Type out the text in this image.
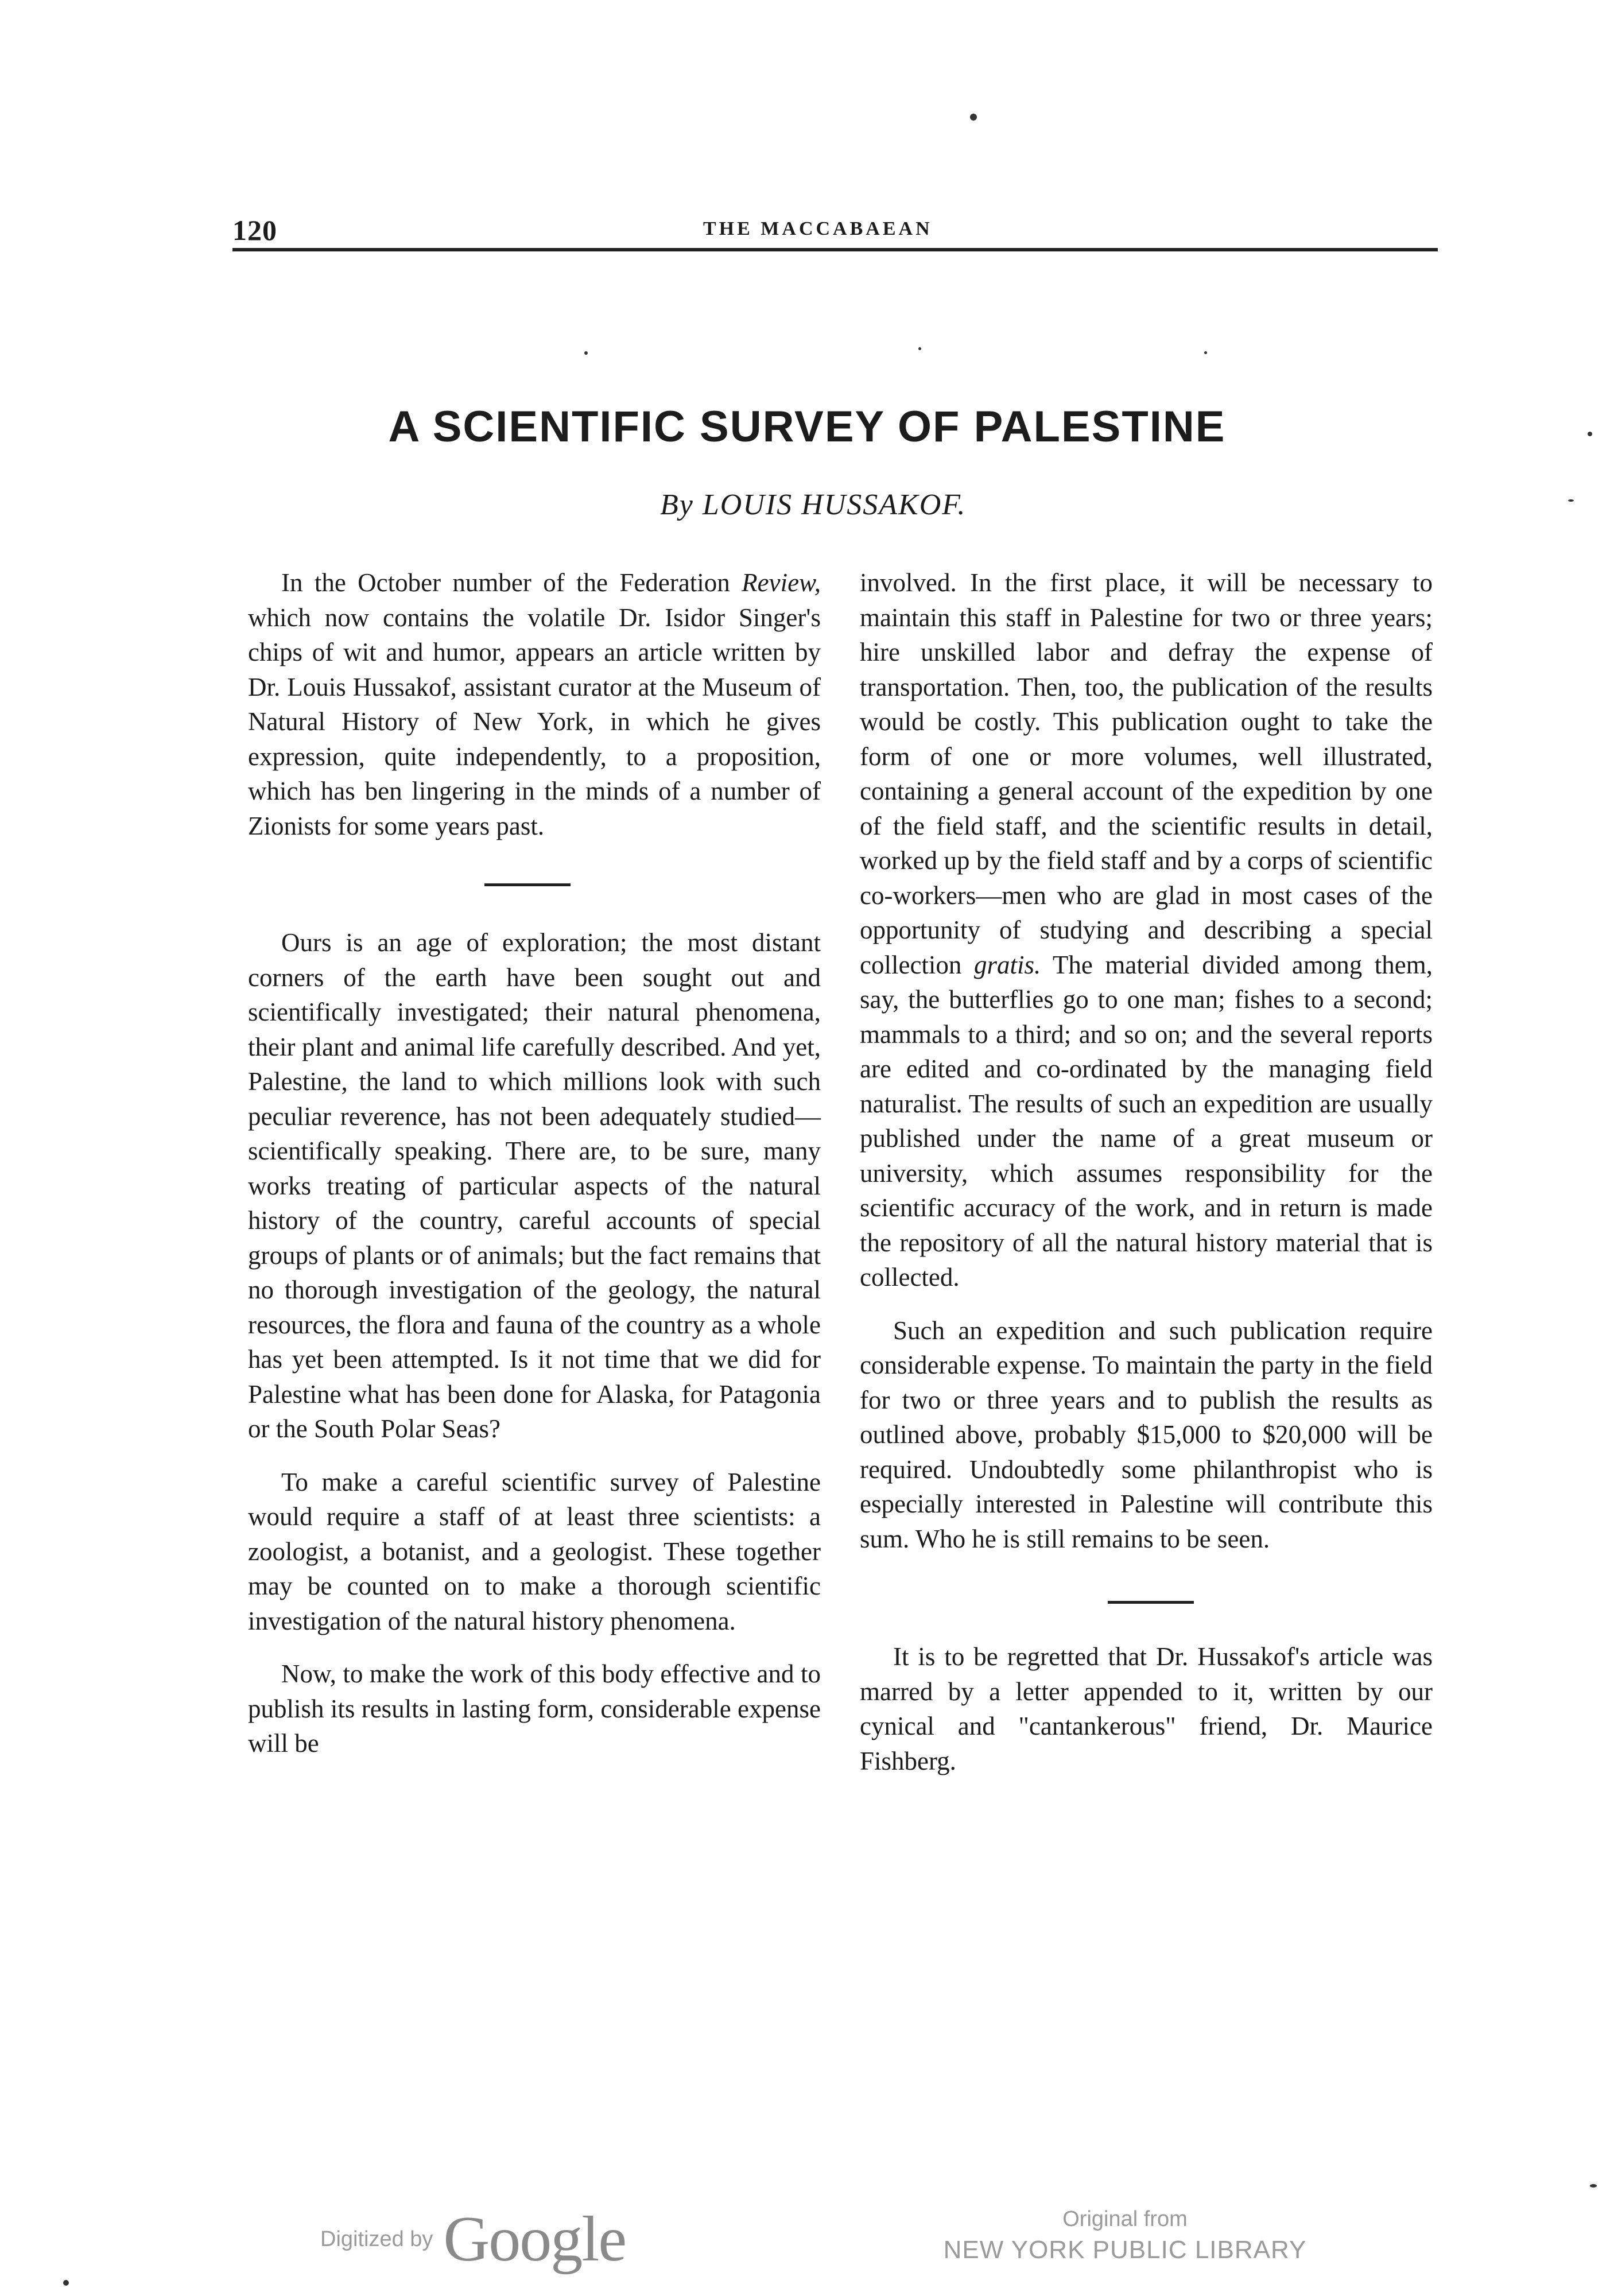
120	THE MACCABAEAN
A SCIENTIFIC SURVEY OF PALESTINE
By LOUIS HUSSAKOF.

In the October number of the Federation Review, which now contains the volatile Dr. Isidor Singer's chips of wit and humor, appears an article written by Dr. Louis Hussakof, assistant curator at the Museum of Natural History of New York, in which he gives expression, quite independently, to a proposition, which has ben lingering in the minds of a number of Zionists for some years past.

Ours is an age of exploration; the most distant corners of the earth have been sought out and scientifically investigated; their natural phenomena, their plant and animal life carefully described. And yet, Palestine, the land to which millions look with such peculiar reverence, has not been adequately studied—scientifically speaking. There are, to be sure, many works treating of particular aspects of the natural history of the country, careful accounts of special groups of plants or of animals; but the fact remains that no thorough investigation of the geology, the natural resources, the flora and fauna of the country as a whole has yet been attempted. Is it not time that we did for Palestine what has been done for Alaska, for Patagonia or the South Polar Seas?

To make a careful scientific survey of Palestine would require a staff of at least three scientists: a zoologist, a botanist, and a geologist. These together may be counted on to make a thorough scientific investigation of the natural history phenomena.

Now, to make the work of this body effective and to publish its results in lasting form, considerable expense will be

involved. In the first place, it will be necessary to maintain this staff in Palestine for two or three years; hire unskilled labor and defray the expense of transportation. Then, too, the publication of the results would be costly. This publication ought to take the form of one or more volumes, well illustrated, containing a general account of the expedition by one of the field staff, and the scientific results in detail, worked up by the field staff and by a corps of scientific co-workers—men who are glad in most cases of the opportunity of studying and describing a special collection gratis. The material divided among them, say, the butterflies go to one man; fishes to a second; mammals to a third; and so on; and the several reports are edited and co-ordinated by the managing field naturalist. The results of such an expedition are usually published under the name of a great museum or university, which assumes responsibility for the scientific accuracy of the work, and in return is made the repository of all the natural history material that is collected.

Such an expedition and such publication require considerable expense. To maintain the party in the field for two or three years and to publish the results as outlined above, probably $15,000 to $20,000 will be required. Undoubtedly some philanthropist who is especially interested in Palestine will contribute this sum. Who he is still remains to be seen.

It is to be regretted that Dr. Hussakof's article was marred by a letter appended to it, written by our cynical and "cantankerous" friend, Dr. Maurice Fishberg.

Digitized by Google	Original from
NEW YORK PUBLIC LIBRARY
